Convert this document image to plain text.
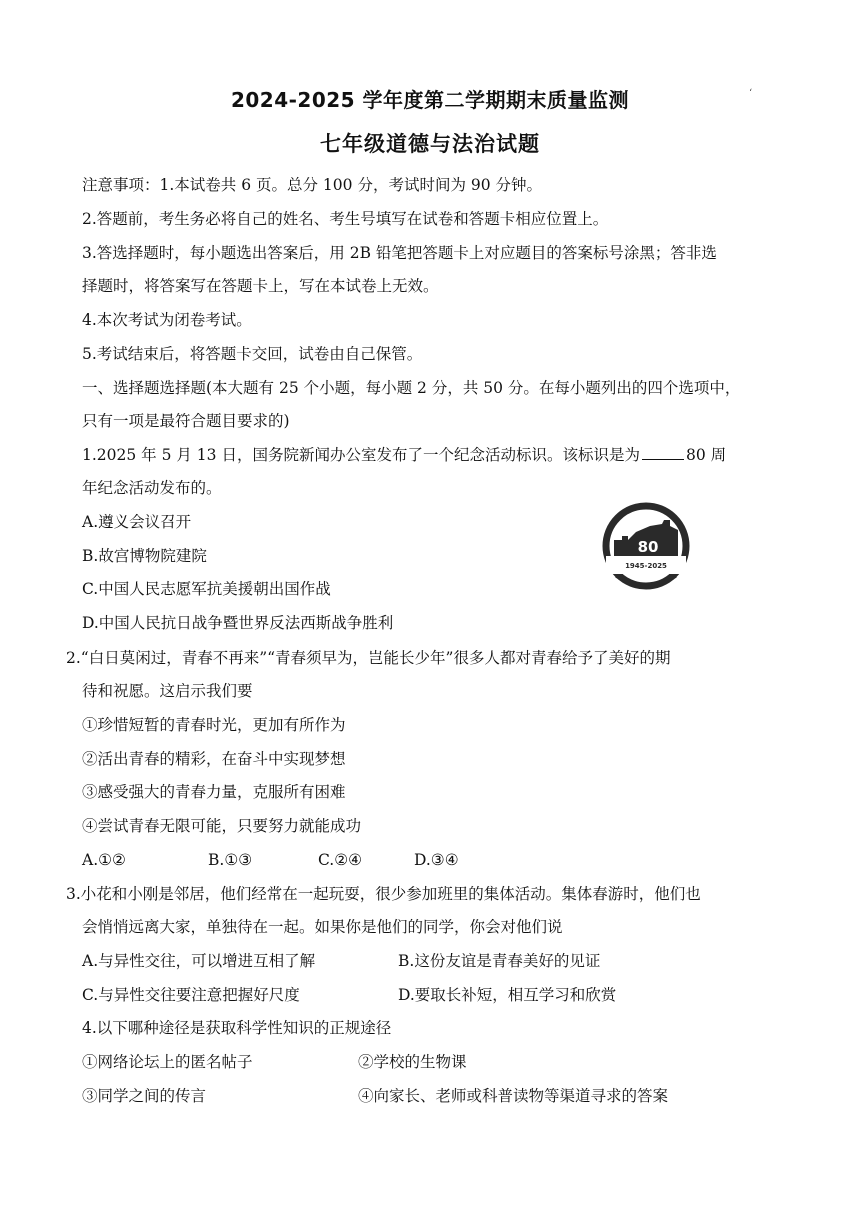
2024-2025 学年度第二学期期末质量监测	‘
七年级道德与法治试题
注意事项：1.本试卷共 6 页。总分 100 分，考试时间为 90 分钟。
2.答题前，考生务必将自己的姓名、考生号填写在试卷和答题卡相应位置上。
3.答选择题时，每小题选出答案后，用 2B 铅笔把答题卡上对应题目的答案标号涂黑；答非选
择题时，将答案写在答题卡上，写在本试卷上无效。
4.本次考试为闭卷考试。
5.考试结束后，将答题卡交回，试卷由自己保管。
一、选择题选择题(本大题有 25 个小题，每小题 2 分，共 50 分。在每小题列出的四个选项中，
只有一项是最符合题目要求的)
1.2025 年 5 月 13 日，国务院新闻办公室发布了一个纪念活动标识。该标识是为	80 周
年纪念活动发布的。
A.遵义会议召开
B.故宫博物院建院
C.中国人民志愿军抗美援朝出国作战
D.中国人民抗日战争暨世界反法西斯战争胜利
80
1945-2025
2.“白日莫闲过，青春不再来”“青春须早为，岂能长少年”很多人都对青春给予了美好的期
待和祝愿。这启示我们要
①珍惜短暂的青春时光，更加有所作为
②活出青春的精彩，在奋斗中实现梦想
③感受强大的青春力量，克服所有困难
④尝试青春无限可能，只要努力就能成功
A.①②	B.①③	C.②④	D.③④
3.小花和小刚是邻居，他们经常在一起玩耍，很少参加班里的集体活动。集体春游时，他们也
会悄悄远离大家，单独待在一起。如果你是他们的同学，你会对他们说
A.与异性交往，可以增进互相了解	B.这份友谊是青春美好的见证
C.与异性交往要注意把握好尺度	D.要取长补短，相互学习和欣赏
4.以下哪种途径是获取科学性知识的正规途径
①网络论坛上的匿名帖子	②学校的生物课
③同学之间的传言	④向家长、老师或科普读物等渠道寻求的答案
